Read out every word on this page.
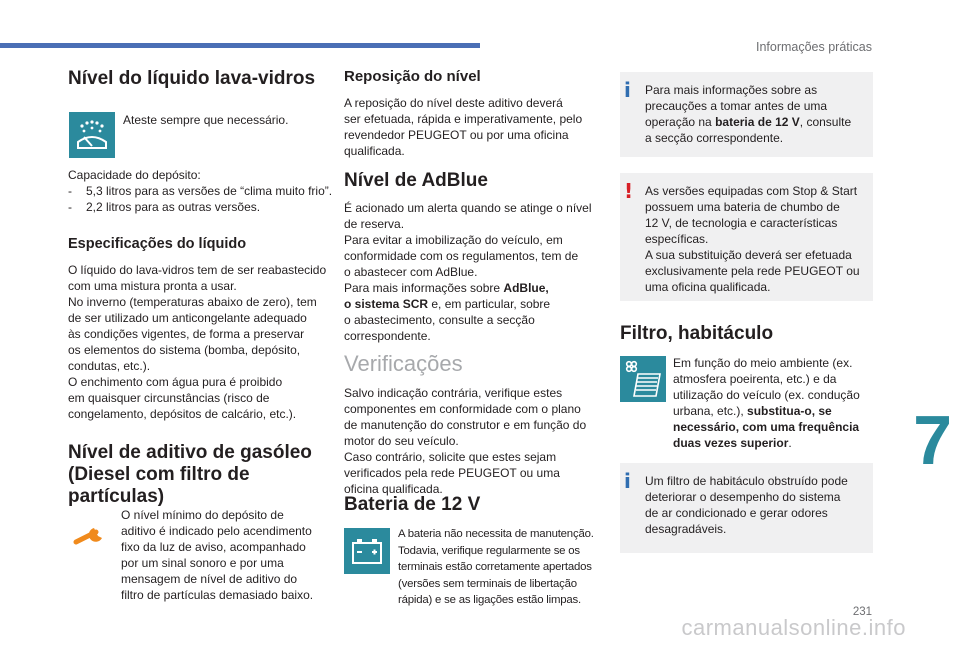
Informações práticas
Nível do líquido lava-vidros

Ateste sempre que necessário.

Capacidade do depósito:

- 5,3 litros para as versões de “clima muito frio”.
- 2,2 litros para as outras versões.
Especificações do líquido

O líquido do lava-vidros tem de ser reabastecido

com uma mistura pronta a usar.

No inverno (temperaturas abaixo de zero), tem

de ser utilizado um anticongelante adequado

às condições vigentes, de forma a preservar

os elementos do sistema (bomba, depósito,

condutas, etc.).

O enchimento com água pura é proibido

em quaisquer circunstâncias (risco de

congelamento, depósitos de calcário, etc.).

Nível de aditivo de gasóleo
(Diesel com filtro de
partículas)

O nível mínimo do depósito de

aditivo é indicado pelo acendimento

fixo da luz de aviso, acompanhado

por um sinal sonoro e por uma

mensagem de nível de aditivo do

filtro de partículas demasiado baixo.

Reposição do nível

A reposição do nível deste aditivo deverá

ser efetuada, rápida e imperativamente, pelo

revendedor PEUGEOT ou por uma oficina

qualificada.

Nível de AdBlue

É acionado um alerta quando se atinge o nível

de reserva.

Para evitar a imobilização do veículo, em

conformidade com os regulamentos, tem de

o abastecer com AdBlue.

Para mais informações sobre AdBlue,

o sistema SCR e, em particular, sobre

o abastecimento, consulte a secção

correspondente.

Verificações

Salvo indicação contrária, verifique estes

componentes em conformidade com o plano

de manutenção do construtor e em função do

motor do seu veículo.

Caso contrário, solicite que estes sejam

verificados pela rede PEUGEOT ou uma

oficina qualificada.

Bateria de 12 V

A bateria não necessita de manutenção.

Todavia, verifique regularmente se os

terminais estão corretamente apertados

(versões sem terminais de libertação

rápida) e se as ligações estão limpas.

i Para mais informações sobre as

precauções a tomar antes de uma

operação na bateria de 12 V, consulte

a secção correspondente.

! As versões equipadas com Stop & Start

possuem uma bateria de chumbo de

12 V, de tecnologia e características

específicas.

A sua substituição deverá ser efetuada

exclusivamente pela rede PEUGEOT ou

uma oficina qualificada.

Filtro, habitáculo

Em função do meio ambiente (ex.

atmosfera poeirenta, etc.) e da

utilização do veículo (ex. condução

urbana, etc.), substitua-o, se

necessário, com uma frequência

duas vezes superior.

i Um filtro de habitáculo obstruído pode

deteriorar o desempenho do sistema

de ar condicionado e gerar odores

desagradáveis.

7
231
carmanualsonline.info
